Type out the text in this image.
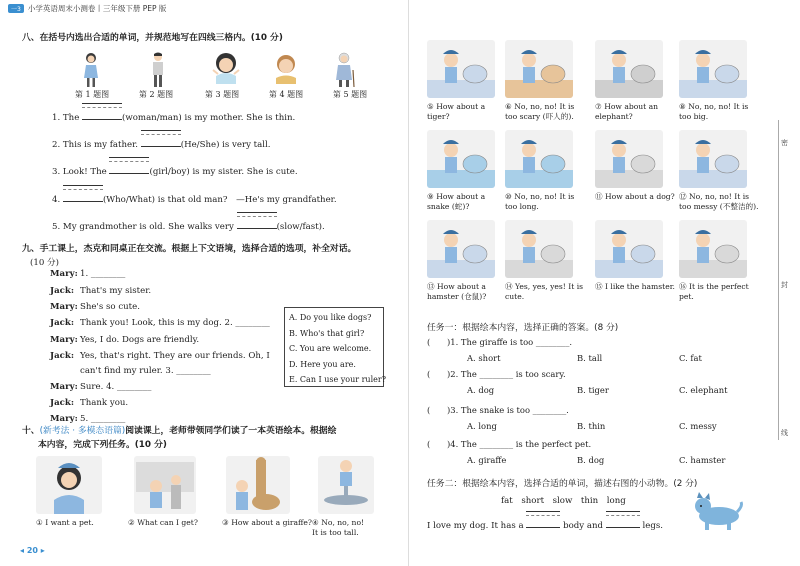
一3 小学英语周末小测卷丨三年级下册 PEP 版
八、在括号内选出合适的单词，并规范地写在四线三格内。(10 分)
第 1 题图	第 2 题图	第 3 题图	第 4 题图	第 5 题图
1. The	(woman/man) is my mother. She is thin.
2. This is my father.	(He/She) is very tall.
3. Look! The	(girl/boy) is my sister. She is cute.
4.	(Who/What) is that old man?　—He's my grandfather.
5. My grandmother is old. She walks very	(slow/fast).
九、手工课上，杰克和同桌正在交流。根据上下文语境，选择合适的选项，补全对话。
(10 分)
Mary: 1. ________
Jack: That's my sister.
Mary: She's so cute.
Jack: Thank you! Look, this is my dog. 2. ________
Mary: Yes, I do. Dogs are friendly.
Jack: Yes, that's right. They are our friends. Oh, I
can't find my ruler. 3. ________
Mary: Sure. 4. ________
Jack: Thank you.
Mary: 5. ________
A. Do you like dogs?
B. Who's that girl?
C. You are welcome.
D. Here you are.
E. Can I use your ruler?
十、(新考法 · 多模态语篇)阅读课上，老师带领同学们读了一本英语绘本。根据绘
本内容，完成下列任务。(10 分)
① I want a pet.	② What can I get?	③ How about a giraffe? ④ No, no, no! It is too tall.
◂ 20 ▸
⑤ How about a tiger?
⑥ No, no, no! It is too scary (吓人的).
⑦ How about an elephant?
⑧ No, no, no! It is too big.
⑨ How about a snake (蛇)?
⑩ No, no, no! It is too long.
⑪ How about a dog? ⑫ No, no, no! It is too messy (不整洁的).
⑬ How about a hamster (仓鼠)?
⑭ Yes, yes, yes! It is cute.
⑮ I like the hamster. ⑯ It is the perfect pet.
任务一：根据绘本内容，选择正确的答案。(8 分)
(　　)1. The giraffe is too ________.
A. short	B. tall	C. fat
(　　)2. The ________ is too scary.
A. dog	B. tiger	C. elephant
(　　)3. The snake is too ________.
A. long	B. thin	C. messy
(　　)4. The ________ is the perfect pet.
A. giraffe	B. dog	C. hamster
任务二：根据绘本内容，选择合适的单词，描述右图的小动物。(2 分)
fat　short　slow　thin　long
I love my dog. It has a	body and	legs.
密
封
线
